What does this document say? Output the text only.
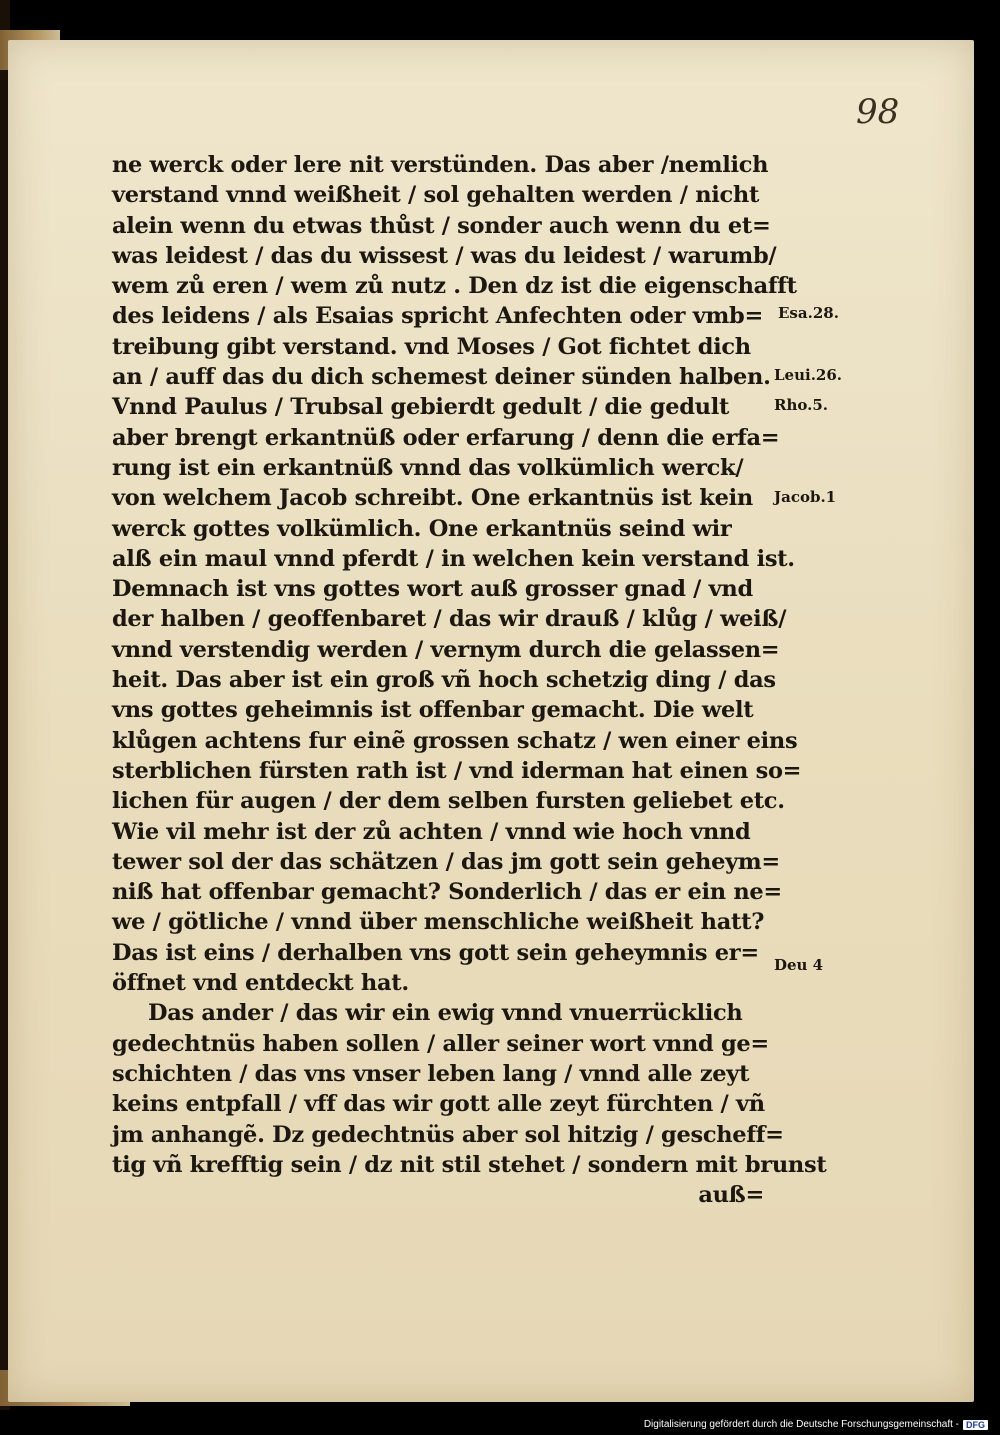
98
ne werck oder lere nit verstünden. Das aber /nemlich
verstand vnnd weißheit / sol gehalten werden / nicht
alein wenn du etwas thůst / sonder auch wenn du et=
was leidest / das du wissest / was du leidest / warumb/
wem zů eren / wem zů nutz . Den dz ist die eigenschafft
des leidens / als Esaias spricht Anfechten oder vmb=
treibung gibt verstand. vnd Moses / Got fichtet dich
an / auff das du dich schemest deiner sünden halben.
Vnnd Paulus / Trubsal gebierdt gedult / die gedult
aber brengt erkantnüß oder erfarung / denn die erfa=
rung ist ein erkantnüß vnnd das volkümlich werck/
von welchem Jacob schreibt. One erkantnüs ist kein
werck gottes volkümlich. One erkantnüs seind wir
alß ein maul vnnd pferdt / in welchen kein verstand ist.
Demnach ist vns gottes wort auß grosser gnad / vnd
der halben / geoffenbaret / das wir drauß / klůg / weiß/
vnnd verstendig werden / vernym durch die gelassen=
heit. Das aber ist ein groß vñ hoch schetzig ding / das
vns gottes geheimnis ist offenbar gemacht. Die welt
klůgen achtens fur einẽ grossen schatz / wen einer eins
sterblichen fürsten rath ist / vnd iderman hat einen so=
lichen für augen / der dem selben fursten geliebet etc.
Wie vil mehr ist der zů achten / vnnd wie hoch vnnd
tewer sol der das schätzen / das jm gott sein geheym=
niß hat offenbar gemacht? Sonderlich / das er ein ne=
we / götliche / vnnd über menschliche weißheit hatt?
Das ist eins / derhalben vns gott sein geheymnis er=
öffnet vnd entdeckt hat.
Das ander / das wir ein ewig vnnd vnuerrücklich
gedechtnüs haben sollen / aller seiner wort vnnd ge=
schichten / das vns vnser leben lang / vnnd alle zeyt
keins entpfall / vff das wir gott alle zeyt fürchten / vñ
jm anhangẽ. Dz gedechtnüs aber sol hitzig / gescheff=
tig vñ krefftig sein / dz nit stil stehet / sondern mit brunst
auß=
Esa.28.
Leui.26.
Rho.5.
Jacob.1
Deu 4
Digitalisierung gefördert durch die Deutsche Forschungsgemeinschaft - DFG
